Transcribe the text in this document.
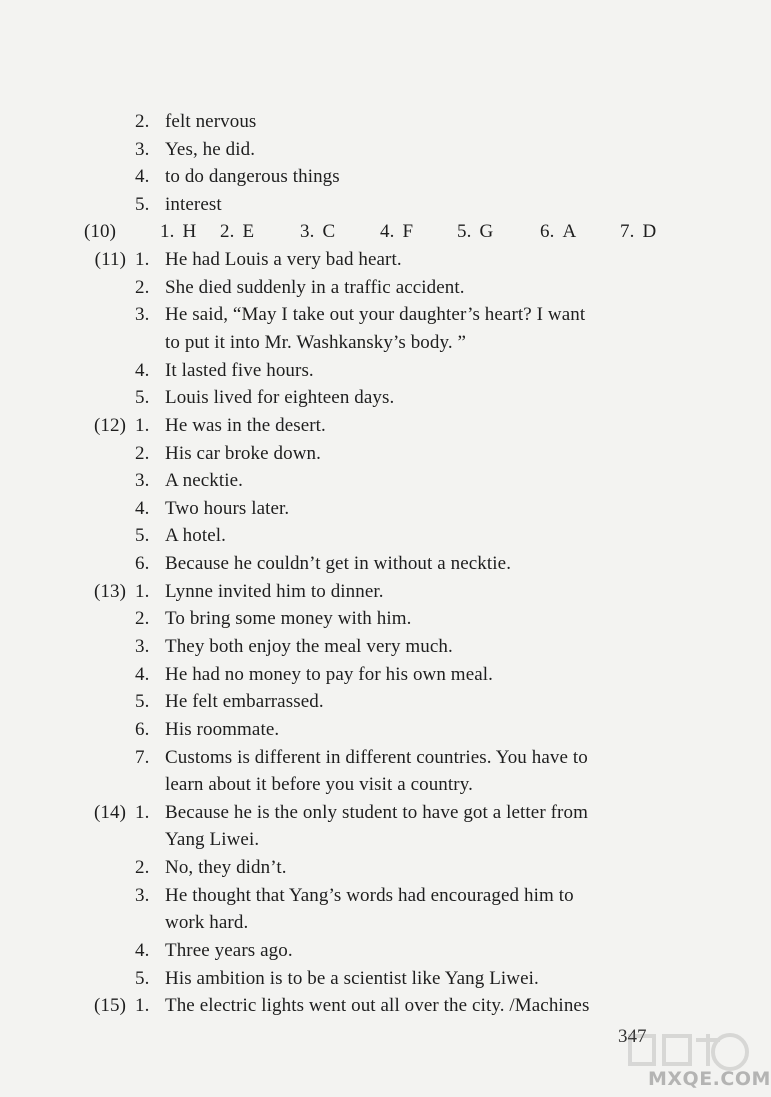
2. felt nervous
3. Yes, he did.
4. to do dangerous things
5. interest
(10) 1. H 2. E 3. C 4. F 5. G 6. A 7. D
(11) 1. He had Louis a very bad heart.
2. She died suddenly in a traffic accident.
3. He said, “May I take out your daughter’s heart? I want
to put it into Mr. Washkansky’s body. ”
4. It lasted five hours.
5. Louis lived for eighteen days.
(12) 1. He was in the desert.
2. His car broke down.
3. A necktie.
4. Two hours later.
5. A hotel.
6. Because he couldn’t get in without a necktie.
(13) 1. Lynne invited him to dinner.
2. To bring some money with him.
3. They both enjoy the meal very much.
4. He had no money to pay for his own meal.
5. He felt embarrassed.
6. His roommate.
7. Customs is different in different countries. You have to
learn about it before you visit a country.
(14) 1. Because he is the only student to have got a letter from
Yang Liwei.
2. No, they didn’t.
3. He thought that Yang’s words had encouraged him to
work hard.
4. Three years ago.
5. His ambition is to be a scientist like Yang Liwei.
(15) 1. The electric lights went out all over the city. /Machines
347
MXQE.COM
